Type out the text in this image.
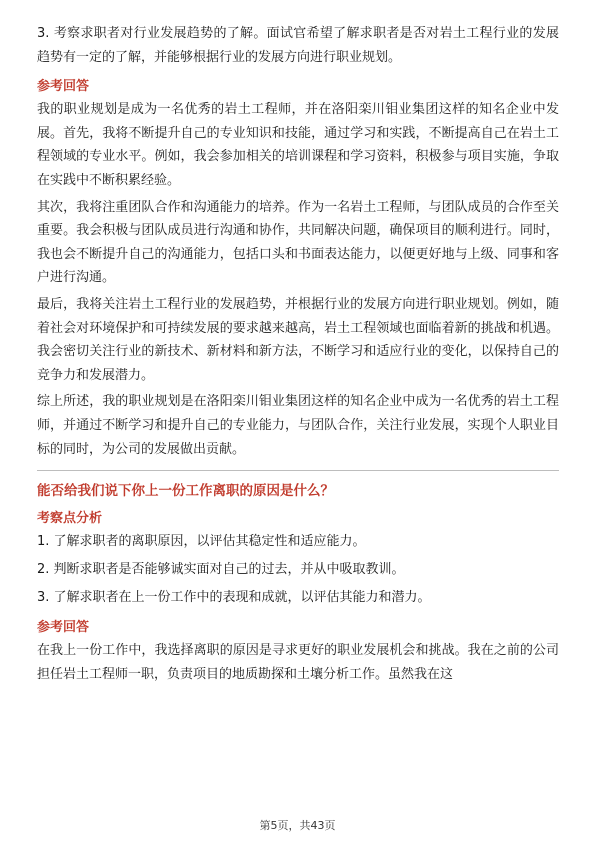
3. 考察求职者对行业发展趋势的了解。面试官希望了解求职者是否对岩土工程行业的发展趋势有一定的了解，并能够根据行业的发展方向进行职业规划。

参考回答

我的职业规划是成为一名优秀的岩土工程师，并在洛阳栾川钼业集团这样的知名企业中发展。首先，我将不断提升自己的专业知识和技能，通过学习和实践，不断提高自己在岩土工程领域的专业水平。例如，我会参加相关的培训课程和学习资料，积极参与项目实施，争取在实践中不断积累经验。

其次，我将注重团队合作和沟通能力的培养。作为一名岩土工程师，与团队成员的合作至关重要。我会积极与团队成员进行沟通和协作，共同解决问题，确保项目的顺利进行。同时，我也会不断提升自己的沟通能力，包括口头和书面表达能力，以便更好地与上级、同事和客户进行沟通。

最后，我将关注岩土工程行业的发展趋势，并根据行业的发展方向进行职业规划。例如，随着社会对环境保护和可持续发展的要求越来越高，岩土工程领域也面临着新的挑战和机遇。我会密切关注行业的新技术、新材料和新方法，不断学习和适应行业的变化，以保持自己的竞争力和发展潜力。

综上所述，我的职业规划是在洛阳栾川钼业集团这样的知名企业中成为一名优秀的岩土工程师，并通过不断学习和提升自己的专业能力，与团队合作，关注行业发展，实现个人职业目标的同时，为公司的发展做出贡献。

能否给我们说下你上一份工作离职的原因是什么？
考察点分析
1. 了解求职者的离职原因，以评估其稳定性和适应能力。
2. 判断求职者是否能够诚实面对自己的过去，并从中吸取教训。
3. 了解求职者在上一份工作中的表现和成就，以评估其能力和潜力。
参考回答

在我上一份工作中，我选择离职的原因是寻求更好的职业发展机会和挑战。我在之前的公司担任岩土工程师一职，负责项目的地质勘探和土壤分析工作。虽然我在这

第5页，共43页
